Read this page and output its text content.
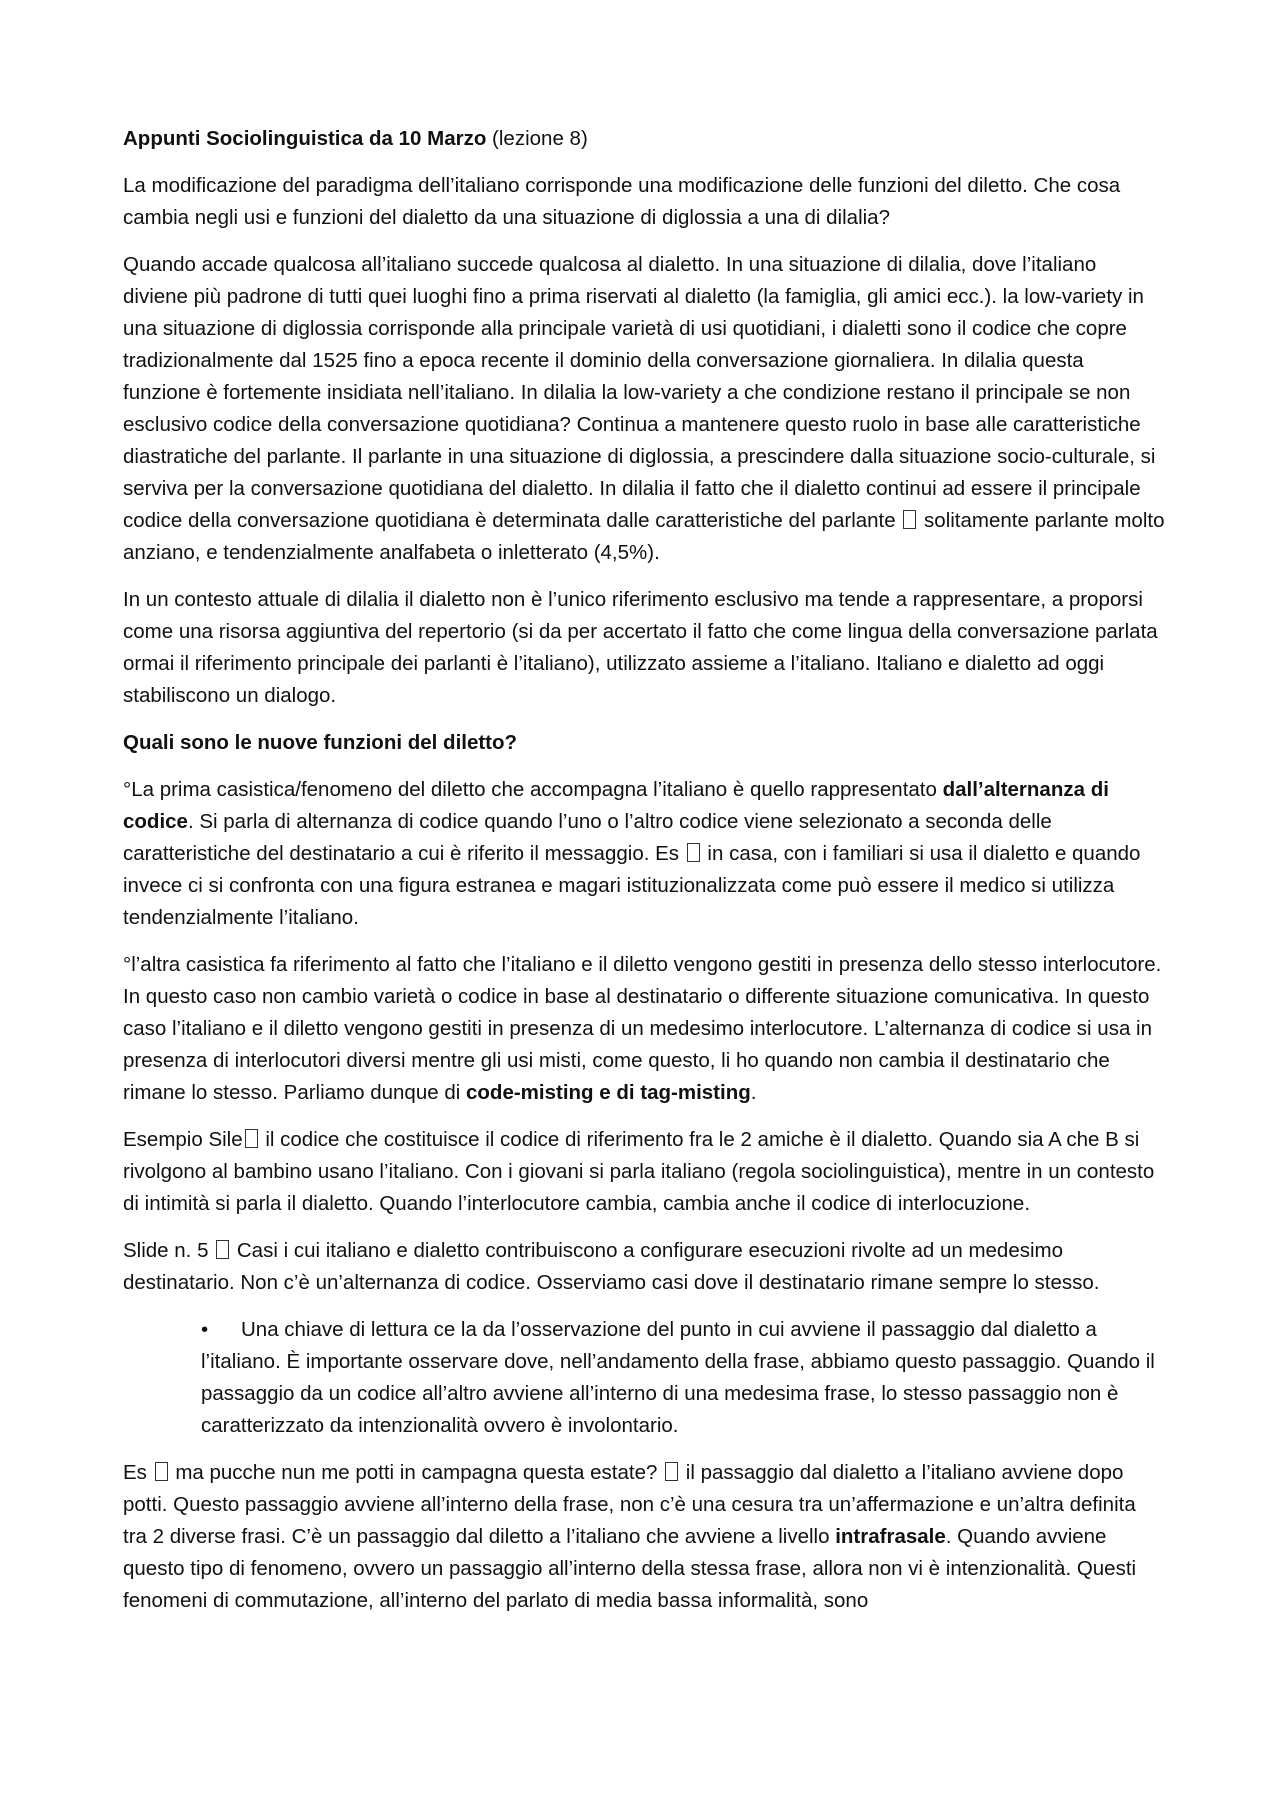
Appunti Sociolinguistica da 10 Marzo (lezione 8)

La modificazione del paradigma dell’italiano corrisponde una modificazione delle funzioni del diletto. Che cosa cambia negli usi e funzioni del dialetto da una situazione di diglossia a una di dilalia?

Quando accade qualcosa all’italiano succede qualcosa al dialetto. In una situazione di dilalia, dove l’italiano diviene più padrone di tutti quei luoghi fino a prima riservati al dialetto (la famiglia, gli amici ecc.). la low-variety in una situazione di diglossia corrisponde alla principale varietà di usi quotidiani, i dialetti sono il codice che copre tradizionalmente dal 1525 fino a epoca recente il dominio della conversazione giornaliera. In dilalia questa funzione è fortemente insidiata nell’italiano. In dilalia la low-variety a che condizione restano il principale se non esclusivo codice della conversazione quotidiana? Continua a mantenere questo ruolo in base alle caratteristiche diastratiche del parlante. Il parlante in una situazione di diglossia, a prescindere dalla situazione socio-culturale, si serviva per la conversazione quotidiana del dialetto. In dilalia il fatto che il dialetto continui ad essere il principale codice della conversazione quotidiana è determinata dalle caratteristiche del parlante  solitamente parlante molto anziano, e tendenzialmente analfabeta o inletterato (4,5%).

In un contesto attuale di dilalia il dialetto non è l’unico riferimento esclusivo ma tende a rappresentare, a proporsi come una risorsa aggiuntiva del repertorio (si da per accertato il fatto che come lingua della conversazione parlata ormai il riferimento principale dei parlanti è l’italiano), utilizzato assieme a l’italiano. Italiano e dialetto ad oggi stabiliscono un dialogo.

Quali sono le nuove funzioni del diletto?

°La prima casistica/fenomeno del diletto che accompagna l’italiano è quello rappresentato dall’alternanza di codice. Si parla di alternanza di codice quando l’uno o l’altro codice viene selezionato a seconda delle caratteristiche del destinatario a cui è riferito il messaggio. Es  in casa, con i familiari si usa il dialetto e quando invece ci si confronta con una figura estranea e magari istituzionalizzata come può essere il medico si utilizza tendenzialmente l’italiano.

°l’altra casistica fa riferimento al fatto che l’italiano e il diletto vengono gestiti in presenza dello stesso interlocutore. In questo caso non cambio varietà o codice in base al destinatario o differente situazione comunicativa. In questo caso l’italiano e il diletto vengono gestiti in presenza di un medesimo interlocutore. L’alternanza di codice si usa in presenza di interlocutori diversi mentre gli usi misti, come questo, li ho quando non cambia il destinatario che rimane lo stesso. Parliamo dunque di code-misting e di tag-misting.

Esempio Sile il codice che costituisce il codice di riferimento fra le 2 amiche è il dialetto. Quando sia A che B si rivolgono al bambino usano l’italiano. Con i giovani si parla italiano (regola sociolinguistica), mentre in un contesto di intimità si parla il dialetto. Quando l’interlocutore cambia, cambia anche il codice di interlocuzione.

Slide n. 5  Casi i cui italiano e dialetto contribuiscono a configurare esecuzioni rivolte ad un medesimo destinatario. Non c’è un’alternanza di codice. Osserviamo casi dove il destinatario rimane sempre lo stesso.

• Una chiave di lettura ce la da l’osservazione del punto in cui avviene il passaggio dal dialetto a l’italiano. È importante osservare dove, nell’andamento della frase, abbiamo questo passaggio. Quando il passaggio da un codice all’altro avviene all’interno di una medesima frase, lo stesso passaggio non è caratterizzato da intenzionalità ovvero è involontario.

Es  ma pucche nun me potti in campagna questa estate?  il passaggio dal dialetto a l’italiano avviene dopo potti. Questo passaggio avviene all’interno della frase, non c’è una cesura tra un’affermazione e un’altra definita tra 2 diverse frasi. C’è un passaggio dal diletto a l’italiano che avviene a livello intrafrasale. Quando avviene questo tipo di fenomeno, ovvero un passaggio all’interno della stessa frase, allora non vi è intenzionalità. Questi fenomeni di commutazione, all’interno del parlato di media bassa informalità, sono
